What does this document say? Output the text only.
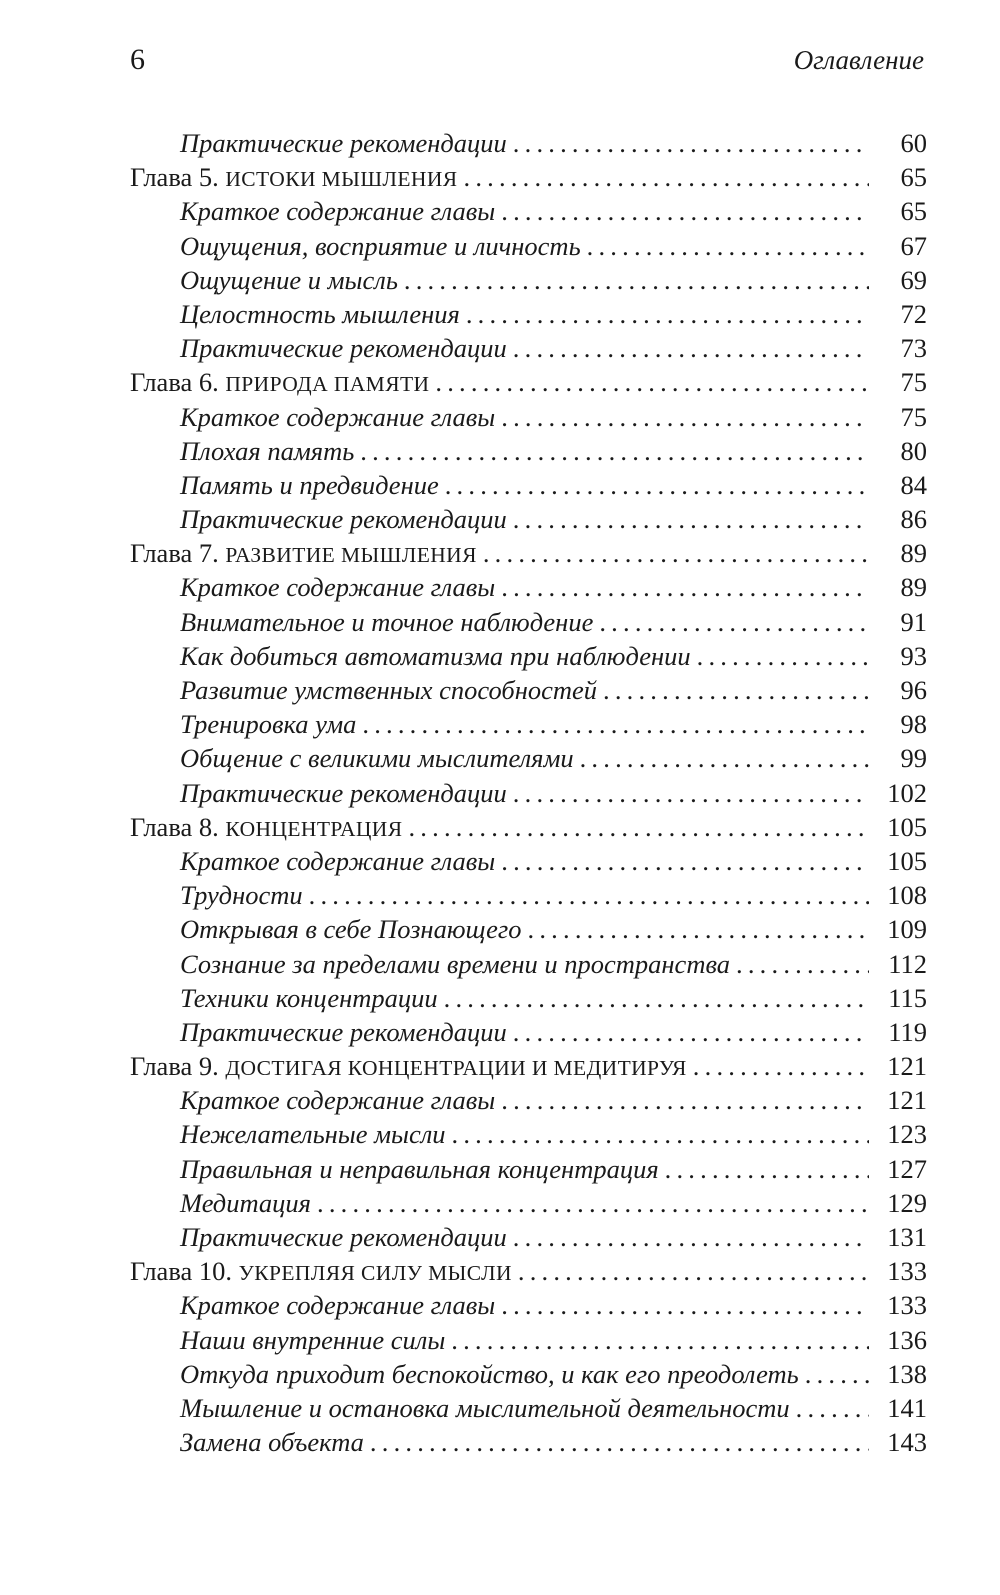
6	Оглавление
Практические рекомендации .....	60
Глава 5. ИСТОКИ МЫШЛЕНИЯ .....	65
Краткое содержание главы .....	65
Ощущения, восприятие и личность .....	67
Ощущение и мысль .....	69
Целостность мышления .....	72
Практические рекомендации .....	73
Глава 6. ПРИРОДА ПАМЯТИ .....	75
Краткое содержание главы .....	75
Плохая память .....	80
Память и предвидение .....	84
Практические рекомендации .....	86
Глава 7. РАЗВИТИЕ МЫШЛЕНИЯ .....	89
Краткое содержание главы .....	89
Внимательное и точное наблюдение .....	91
Как добиться автоматизма при наблюдении .....	93
Развитие умственных способностей .....	96
Тренировка ума .....	98
Общение с великими мыслителями .....	99
Практические рекомендации .....	102
Глава 8. КОНЦЕНТРАЦИЯ .....	105
Краткое содержание главы .....	105
Трудности .....	108
Открывая в себе Познающего .....	109
Сознание за пределами времени и пространства .....	112
Техники концентрации .....	115
Практические рекомендации .....	119
Глава 9. ДОСТИГАЯ КОНЦЕНТРАЦИИ И МЕДИТИРУЯ .....	121
Краткое содержание главы .....	121
Нежелательные мысли .....	123
Правильная и неправильная концентрация .....	127
Медитация .....	129
Практические рекомендации .....	131
Глава 10. УКРЕПЛЯЯ СИЛУ МЫСЛИ .....	133
Краткое содержание главы .....	133
Наши внутренние силы .....	136
Откуда приходит беспокойство, и как его преодолеть .....	138
Мышление и остановка мыслительной деятельности .....	141
Замена объекта .....	143
